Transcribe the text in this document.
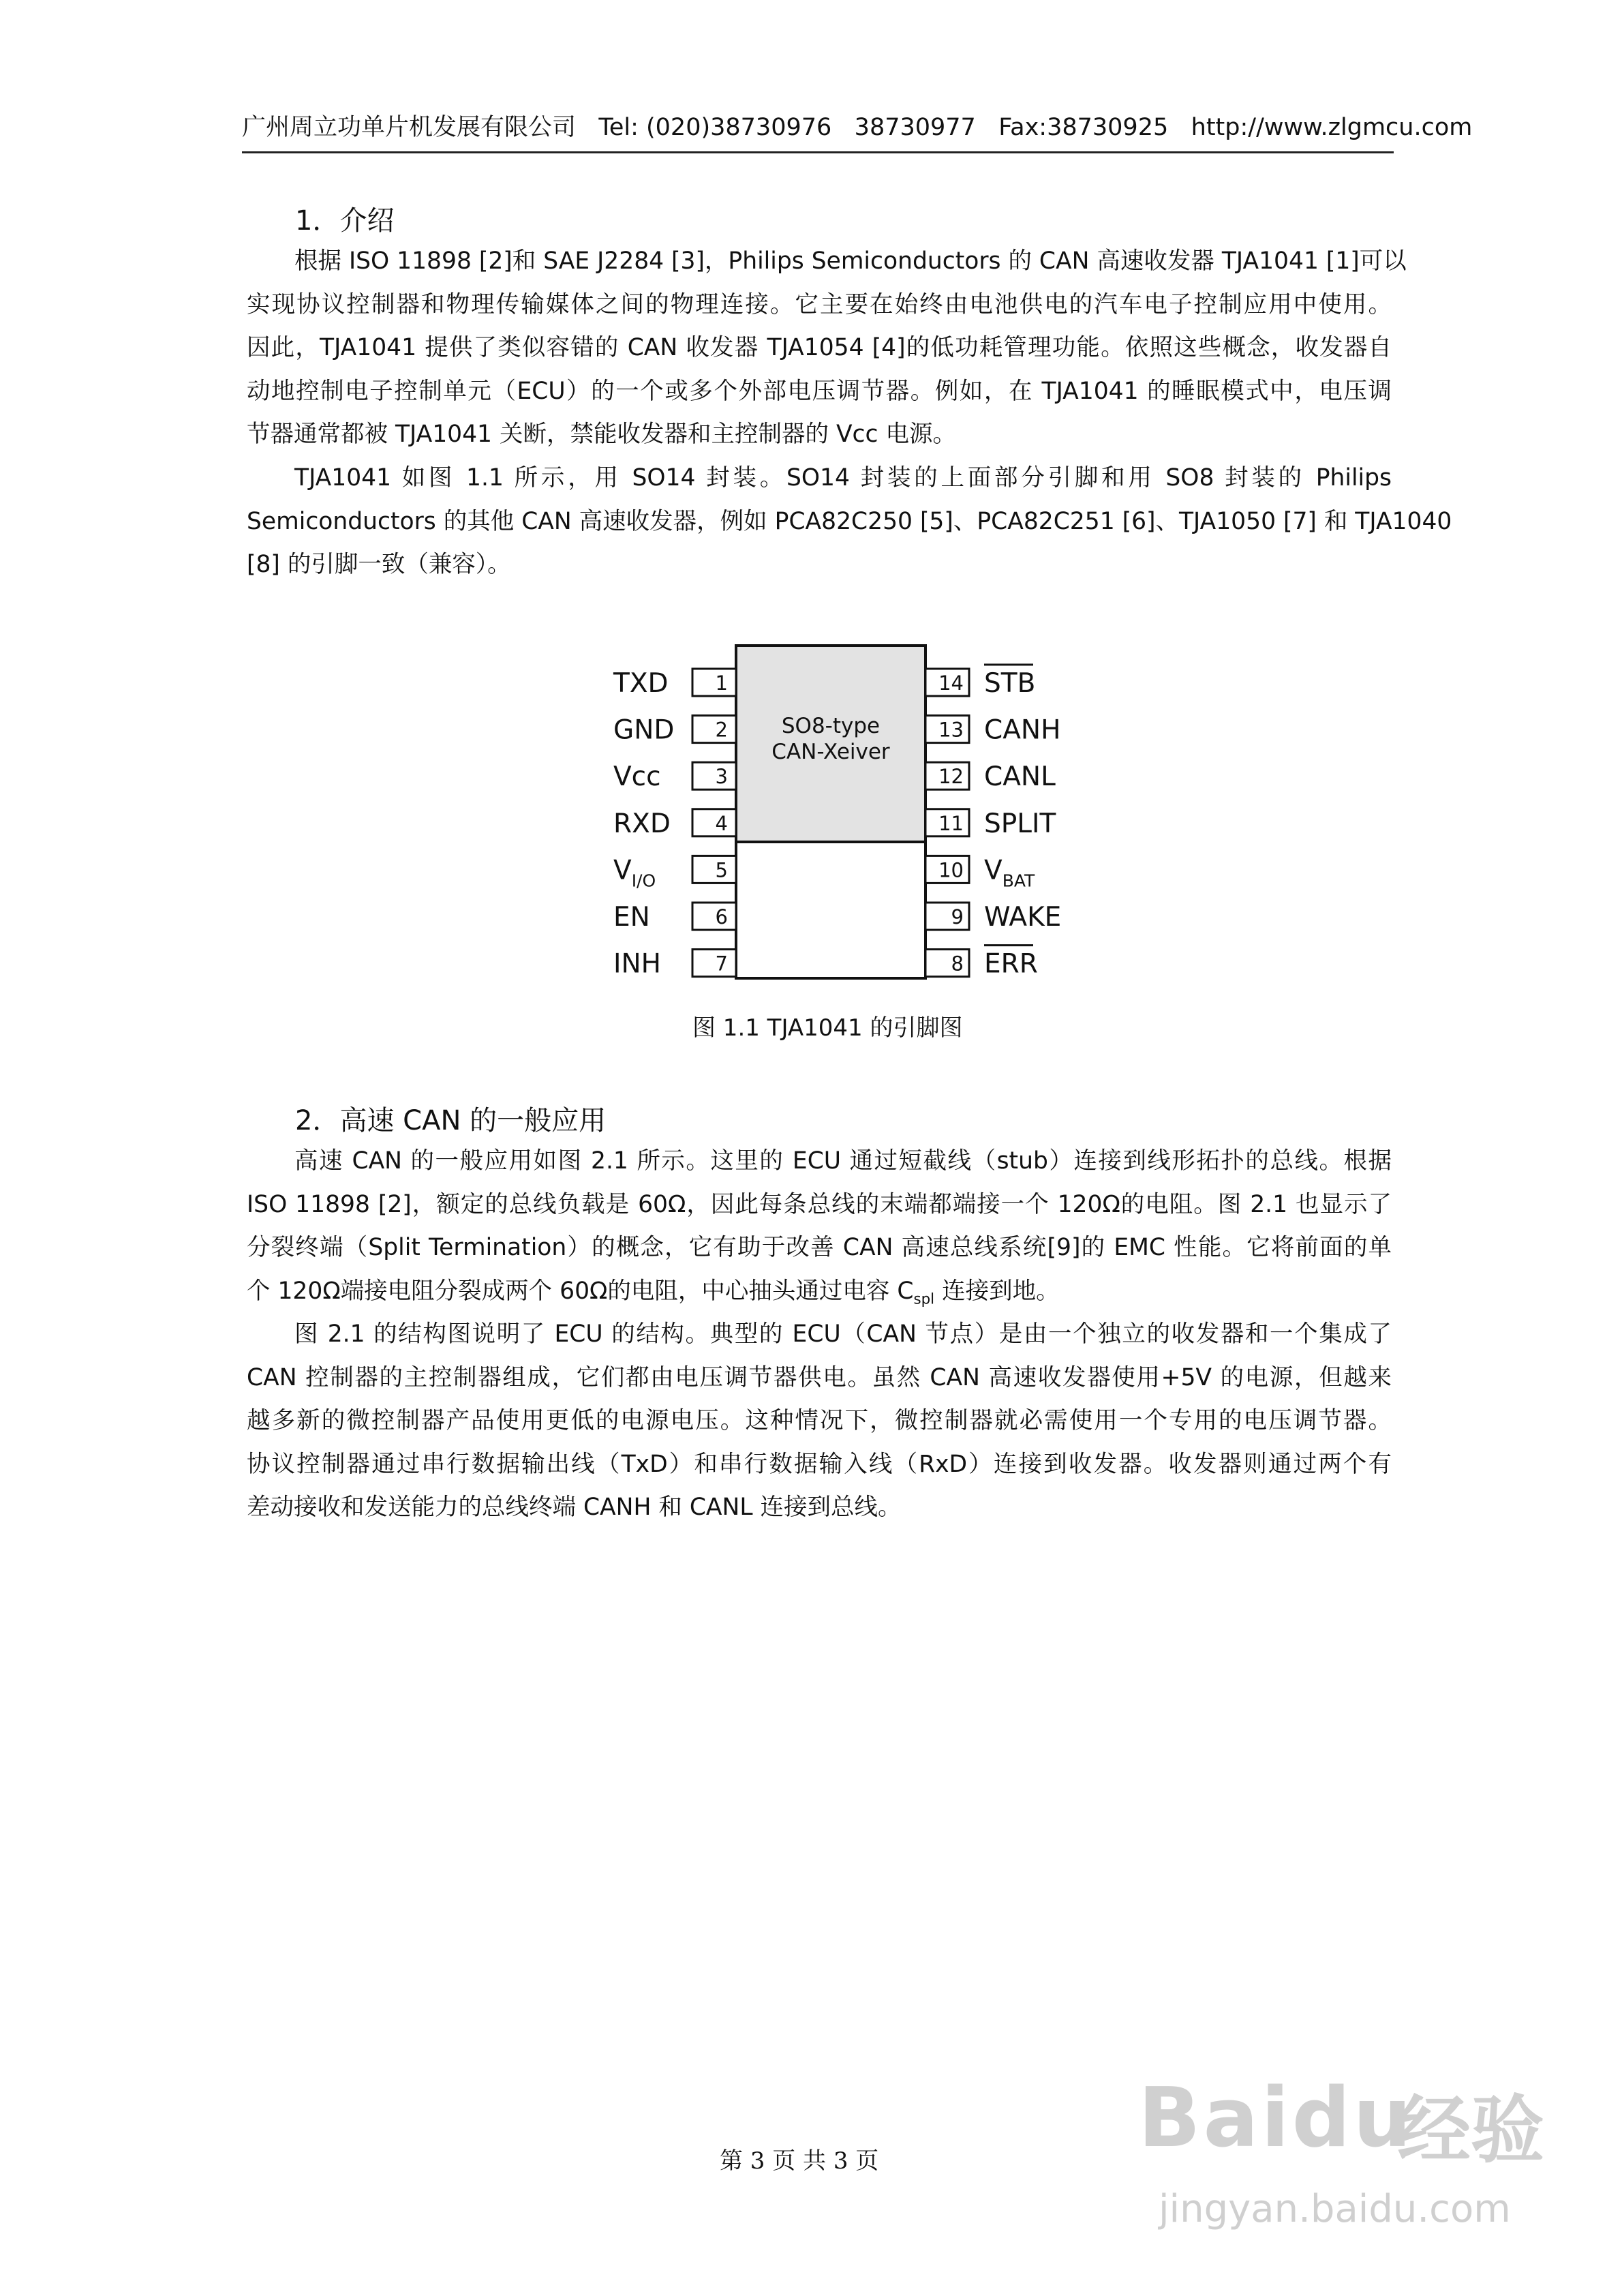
广州周立功单片机发展有限公司 Tel: (020)38730976 38730977 Fax:38730925 http://www.zlgmcu.com
1．介绍
根据 ISO 11898 [2]和 SAE J2284 [3]，Philips Semiconductors 的 CAN 高速收发器 TJA1041 [1]可以
实现协议控制器和物理传输媒体之间的物理连接。它主要在始终由电池供电的汽车电子控制应用中使用。
因此，TJA1041 提供了类似容错的 CAN 收发器 TJA1054 [4]的低功耗管理功能。依照这些概念，收发器自
动地控制电子控制单元（ECU）的一个或多个外部电压调节器。例如，在 TJA1041 的睡眠模式中，电压调
节器通常都被 TJA1041 关断，禁能收发器和主控制器的 Vcc 电源。
TJA1041 如图 1.1 所示，用 SO14 封装。SO14 封装的上面部分引脚和用 SO8 封装的 Philips
Semiconductors 的其他 CAN 高速收发器，例如 PCA82C250 [5]、PCA82C251 [6]、TJA1050 [7] 和 TJA1040
[8] 的引脚一致（兼容）。
SO8-type
CAN-Xeiver
1
TXD
2
GND
3
Vcc
4
RXD
5
$V_{I/O}$
6
EN
7
INH
14 STB
13 CANH
12 CANL
11 SPLIT
10 $V_{BAT}$
9 WAKE
8 ERR
图 1.1 TJA1041 的引脚图
2．高速 CAN 的一般应用
高速 CAN 的一般应用如图 2.1 所示。这里的 ECU 通过短截线（stub）连接到线形拓扑的总线。根据
ISO 11898 [2]，额定的总线负载是 60Ω，因此每条总线的末端都端接一个 120Ω的电阻。图 2.1 也显示了
分裂终端（Split Termination）的概念，它有助于改善 CAN 高速总线系统[9]的 EMC 性能。它将前面的单
个 120Ω端接电阻分裂成两个 60Ω的电阻，中心抽头通过电容 $C_{spl}$ 连接到地。
图 2.1 的结构图说明了 ECU 的结构。典型的 ECU（CAN 节点）是由一个独立的收发器和一个集成了
CAN 控制器的主控制器组成，它们都由电压调节器供电。虽然 CAN 高速收发器使用+5V 的电源，但越来
越多新的微控制器产品使用更低的电源电压。这种情况下，微控制器就必需使用一个专用的电压调节器。
协议控制器通过串行数据输出线（TxD）和串行数据输入线（RxD）连接到收发器。收发器则通过两个有
差动接收和发送能力的总线终端 CANH 和 CANL 连接到总线。
第 3 页 共 3 页	Baidu
经验
jingyan.baidu.com
